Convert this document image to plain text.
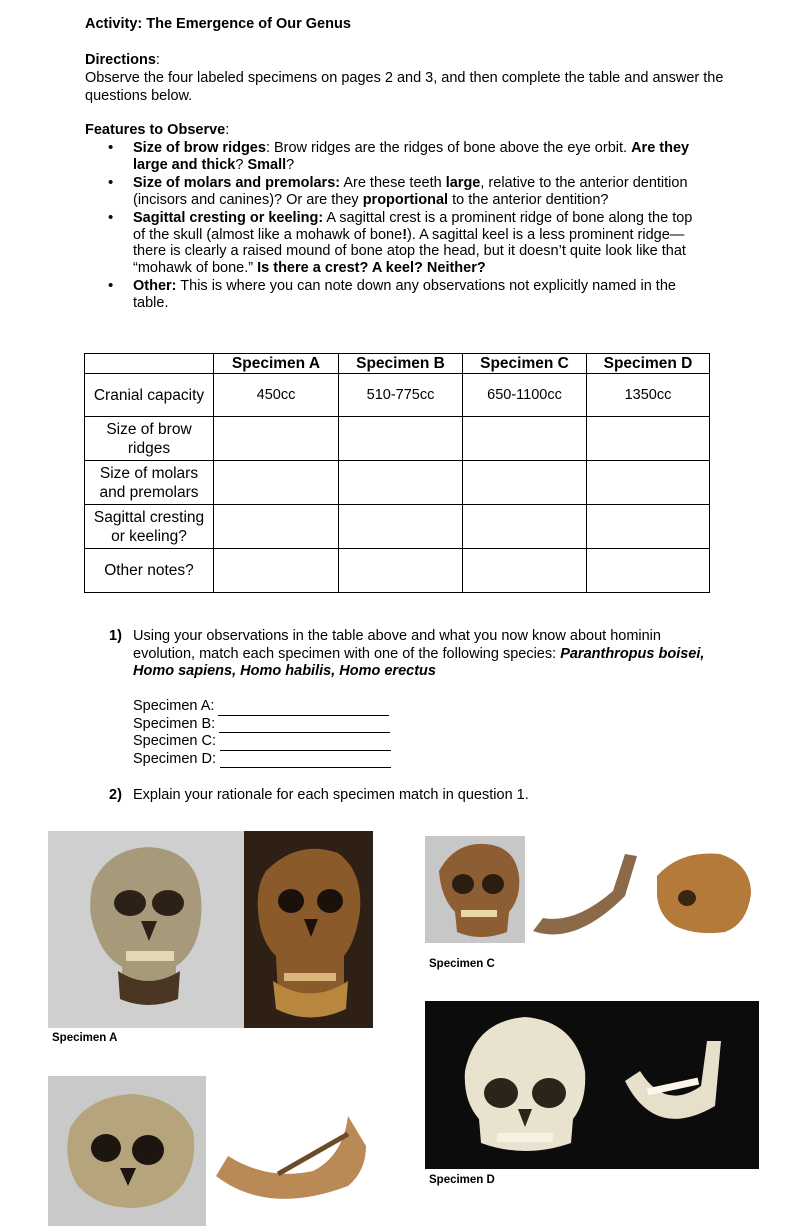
Activity: The Emergence of Our Genus
Directions:
Observe the four labeled specimens on pages 2 and 3, and then complete the table and answer the questions below.
Features to Observe:
• Size of brow ridges: Brow ridges are the ridges of bone above the eye orbit. Are they large and thick? Small?
• Size of molars and premolars: Are these teeth large, relative to the anterior dentition (incisors and canines)? Or are they proportional to the anterior dentition?
• Sagittal cresting or keeling: A sagittal crest is a prominent ridge of bone along the top of the skull (almost like a mohawk of bone!). A sagittal keel is a less prominent ridge—there is clearly a raised mound of bone atop the head, but it doesn’t quite look like that “mohawk of bone.” Is there a crest? A keel? Neither?
• Other: This is where you can note down any observations not explicitly named in the table.
	Specimen A	Specimen B	Specimen C	Specimen D
Cranial capacity	450cc	510-775cc	650-1100cc	1350cc
Size of brow ridges				
Size of molars and premolars				
Sagittal cresting or keeling?				
Other notes?				
1) Using your observations in the table above and what you now know about hominin evolution, match each specimen with one of the following species: Paranthropus boisei, Homo sapiens, Homo habilis, Homo erectus
Specimen A:
Specimen B:
Specimen C:
Specimen D:
2) Explain your rationale for each specimen match in question 1.
Specimen A
Specimen C
Specimen D
